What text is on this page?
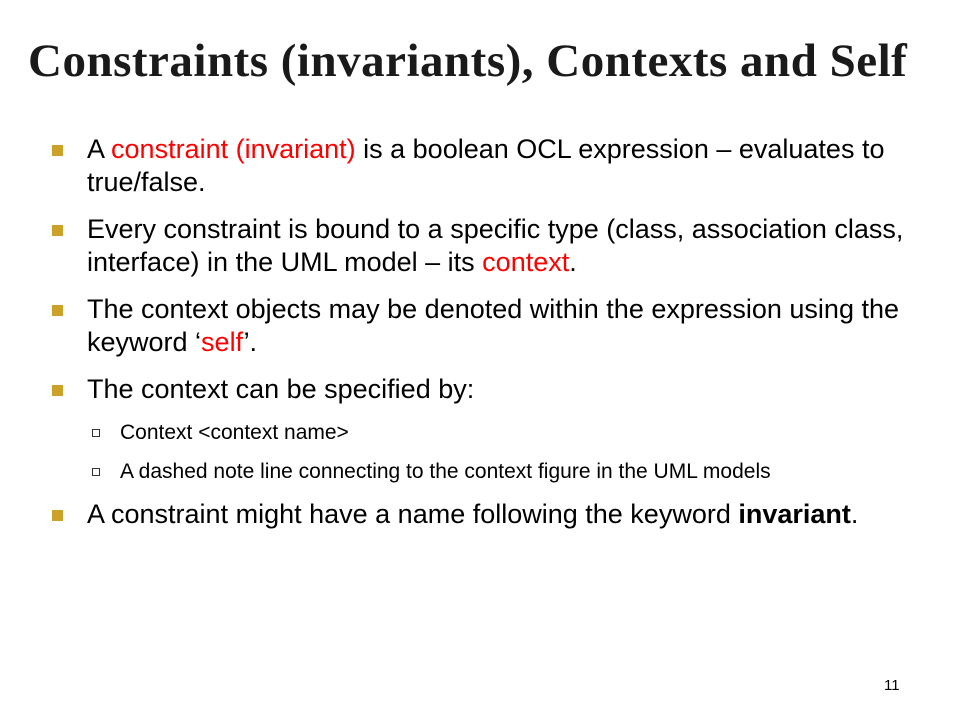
Constraints (invariants), Contexts and Self
A constraint (invariant) is a boolean OCL expression – evaluates to true/false.
Every constraint is bound to a specific type (class, association class, interface) in the UML model – its context.
The context objects may be denoted within the expression using the keyword ‘self’.
The context can be specified by:
Context <context name>
A dashed note line connecting to the context figure in the UML models
A constraint might have a name following the keyword invariant.
11
